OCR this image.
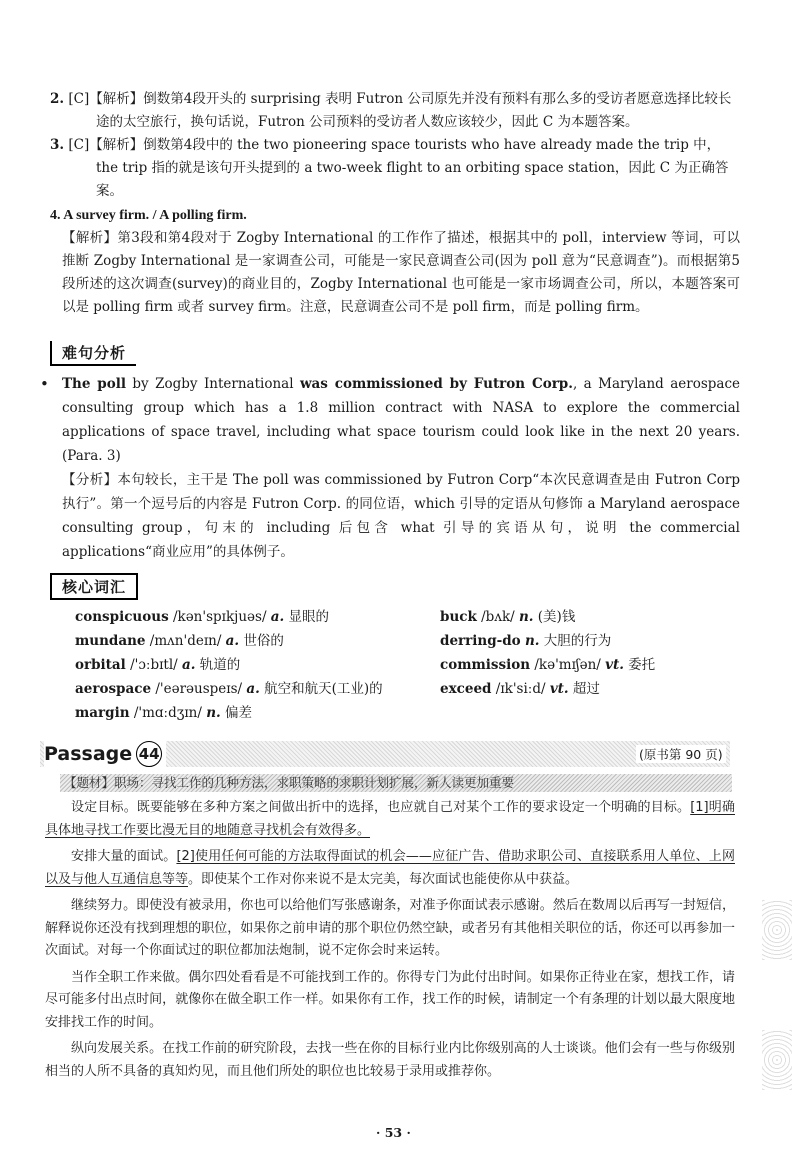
2. [C]【解析】倒数第4段开头的 surprising 表明 Futron 公司原先并没有预料有那么多的受访者愿意选择比较长途的太空旅行，换句话说，Futron 公司预料的受访者人数应该较少，因此 C 为本题答案。
3. [C]【解析】倒数第4段中的 the two pioneering space tourists who have already made the trip 中，the trip 指的就是该句开头提到的 a two-week flight to an orbiting space station，因此 C 为正确答案。
4. A survey firm. / A polling firm.
【解析】第3段和第4段对于 Zogby International 的工作作了描述，根据其中的 poll，interview 等词，可以推断 Zogby International 是一家调查公司，可能是一家民意调查公司(因为 poll 意为“民意调查”)。而根据第5段所述的这次调查(survey)的商业目的，Zogby International 也可能是一家市场调查公司，所以，本题答案可以是 polling firm 或者 survey firm。注意，民意调查公司不是 poll firm，而是 polling firm。
难句分析
• The poll by Zogby International was commissioned by Futron Corp., a Maryland aerospace consulting group which has a 1.8 million contract with NASA to explore the commercial applications of space travel, including what space tourism could look like in the next 20 years. (Para. 3)
【分析】本句较长，主干是 The poll was commissioned by Futron Corp“本次民意调查是由 Futron Corp 执行”。第一个逗号后的内容是 Futron Corp. 的同位语，which 引导的定语从句修饰 a Maryland aerospace consulting group，句末的 including 后包含 what 引导的宾语从句，说明 the commercial applications“商业应用”的具体例子。
核心词汇
conspicuous /kən'spɪkjuəs/ a. 显眼的
mundane /mʌn'deɪn/ a. 世俗的
orbital /'ɔːbɪtl/ a. 轨道的
aerospace /'eərəuspeɪs/ a. 航空和航天(工业)的
margin /'mɑːdʒɪn/ n. 偏差
buck /bʌk/ n. (美)钱
derring-do n. 大胆的行为
commission /kə'mɪʃən/ vt. 委托
exceed /ɪk'siːd/ vt. 超过
Passage 44	(原书第 90 页)
【题材】职场：寻找工作的几种方法，求职策略的求职计划扩展，新人读更加重要

设定目标。既要能够在多种方案之间做出折中的选择，也应就自己对某个工作的要求设定一个明确的目标。[1]明确具体地寻找工作要比漫无目的地随意寻找机会有效得多。

安排大量的面试。[2]使用任何可能的方法取得面试的机会——应征广告、借助求职公司、直接联系用人单位、上网以及与他人互通信息等等。即使某个工作对你来说不是太完美，每次面试也能使你从中获益。

继续努力。即使没有被录用，你也可以给他们写张感谢条，对准予你面试表示感谢。然后在数周以后再写一封短信，解释说你还没有找到理想的职位，如果你之前申请的那个职位仍然空缺，或者另有其他相关职位的话，你还可以再参加一次面试。对每一个你面试过的职位都加法炮制，说不定你会时来运转。

当作全职工作来做。偶尔四处看看是不可能找到工作的。你得专门为此付出时间。如果你正待业在家，想找工作，请尽可能多付出点时间，就像你在做全职工作一样。如果你有工作，找工作的时候，请制定一个有条理的计划以最大限度地安排找工作的时间。

纵向发展关系。在找工作前的研究阶段，去找一些在你的目标行业内比你级别高的人士谈谈。他们会有一些与你级别相当的人所不具备的真知灼见，而且他们所处的职位也比较易于录用或推荐你。

· 53 ·
